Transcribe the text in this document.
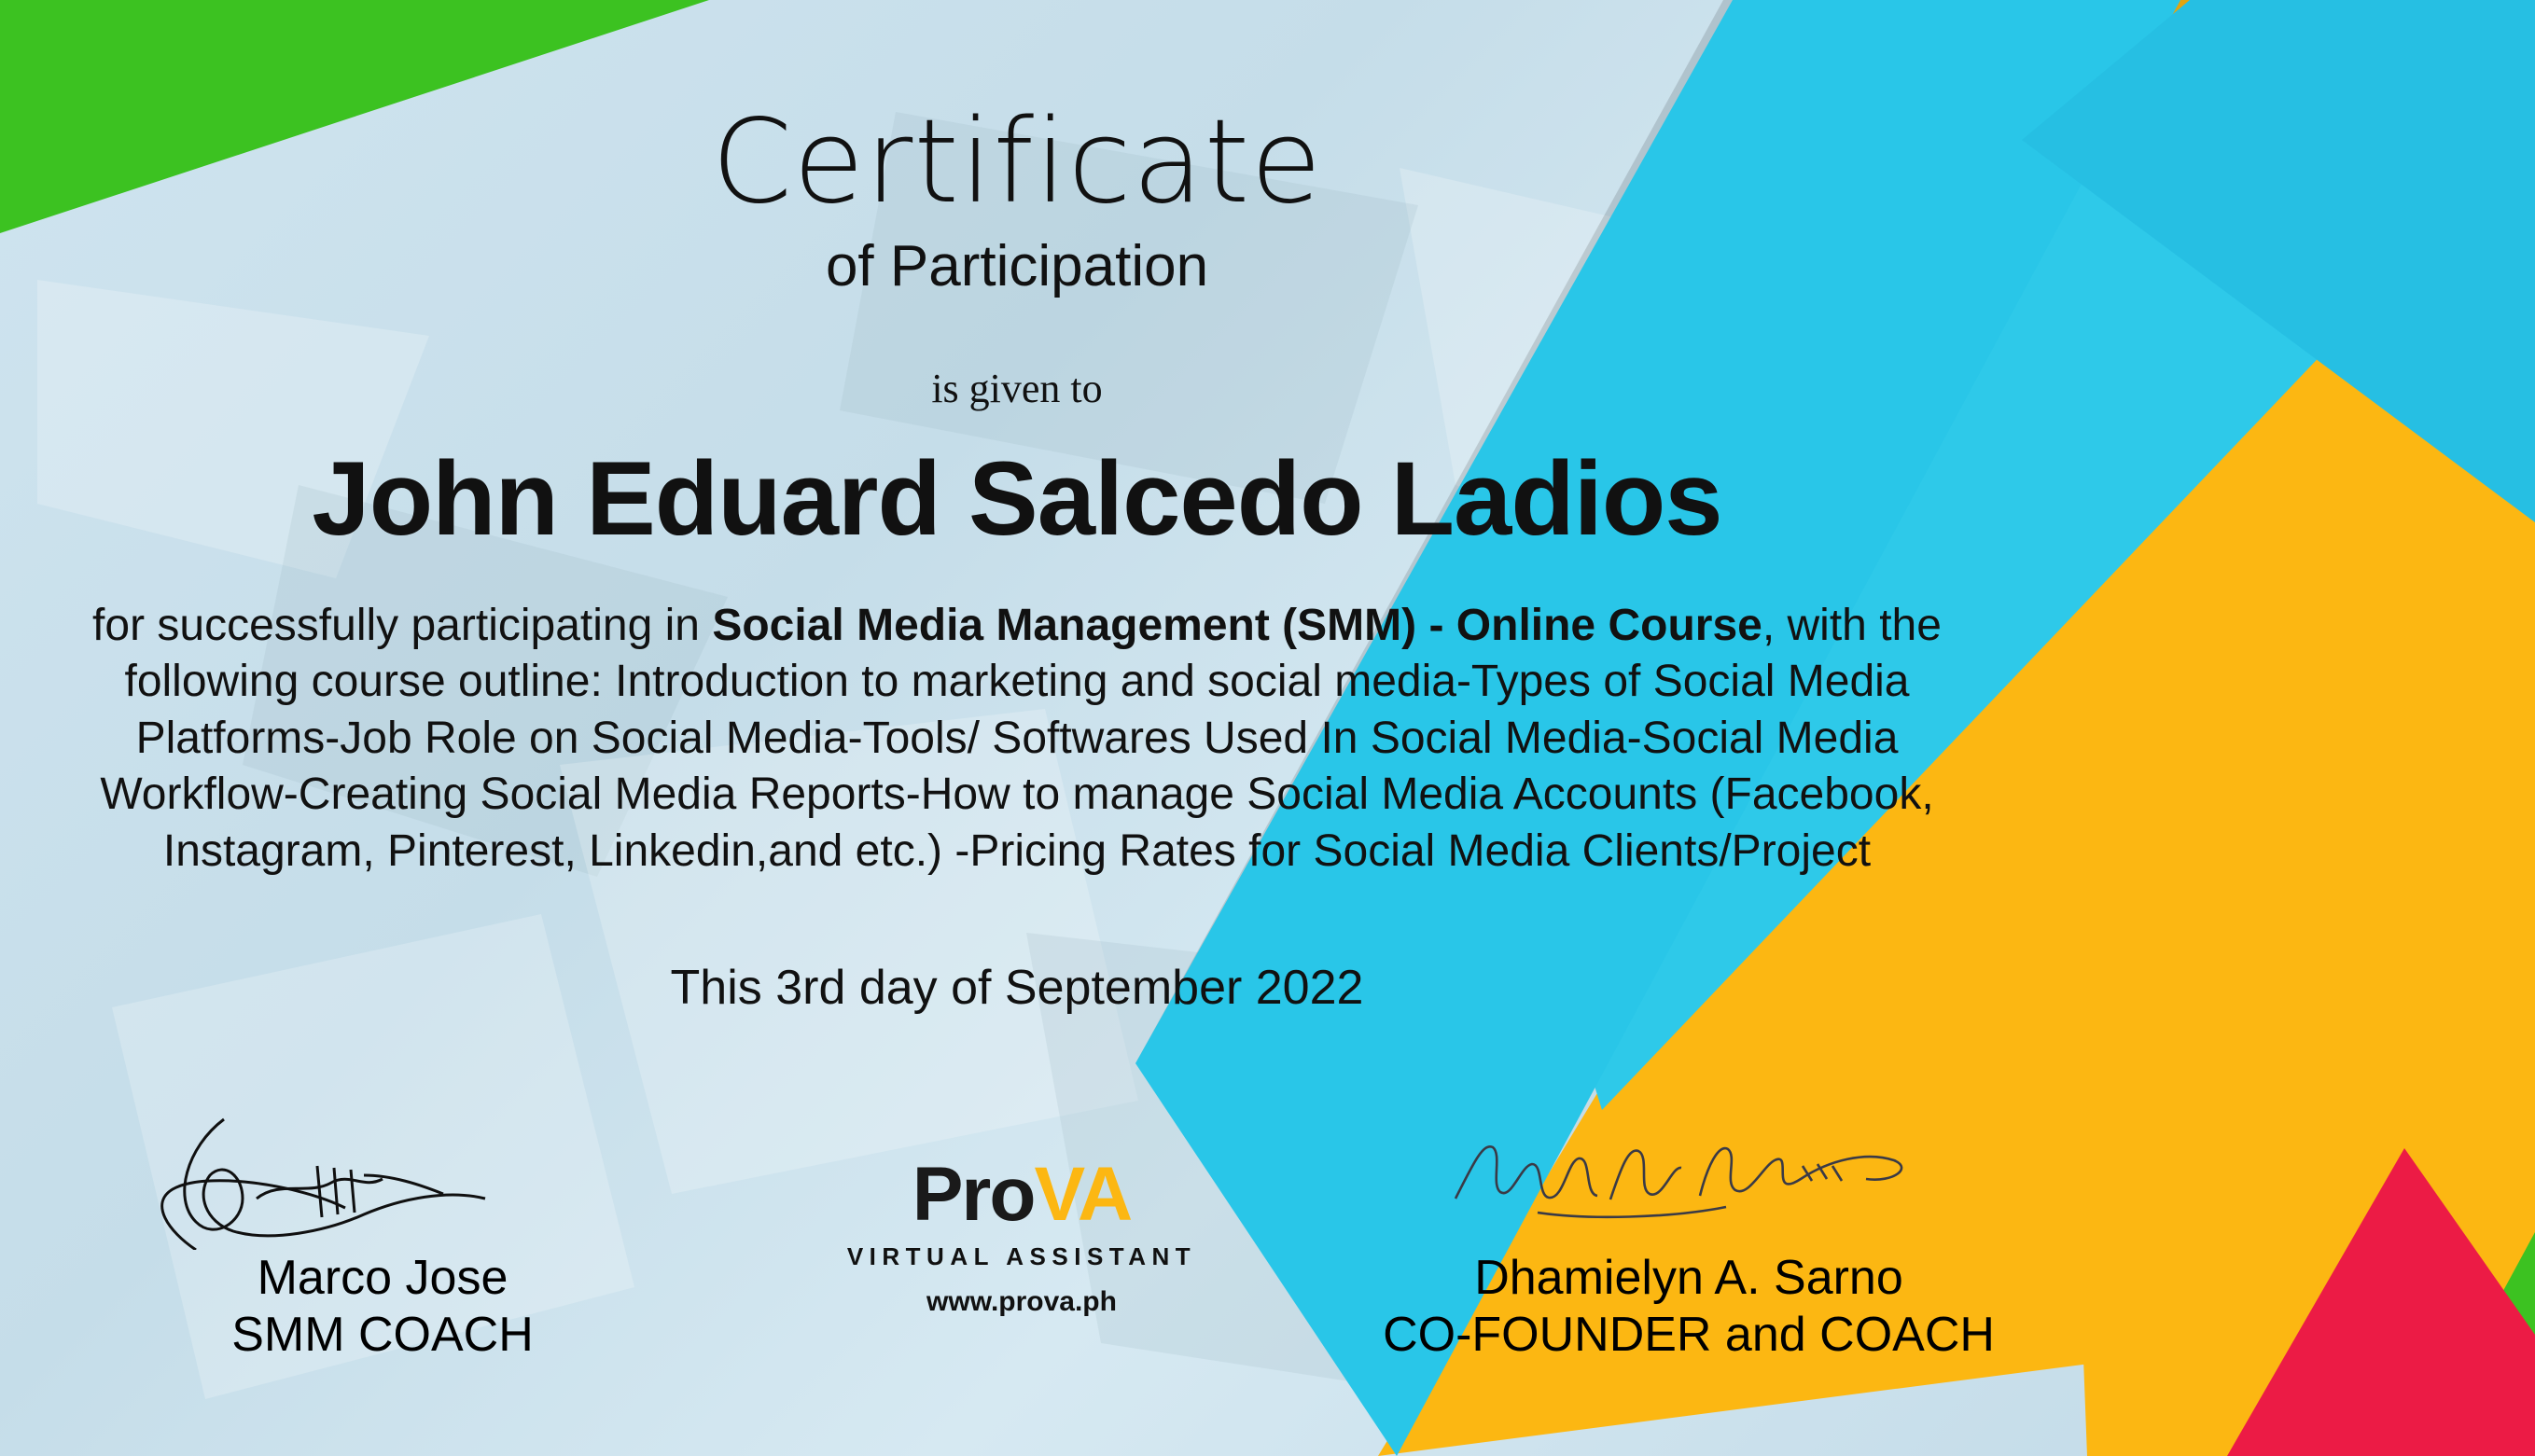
Certificate
of Participation
is given to
John Eduard Salcedo Ladios
for successfully participating in Social Media Management (SMM) - Online Course, with the following course outline: Introduction to marketing and social media-Types of Social Media Platforms-Job Role on Social Media-Tools/ Softwares Used In Social Media-Social Media Workflow-Creating Social Media Reports-How to manage Social Media Accounts (Facebook, Instagram, Pinterest, Linkedin,and etc.) -Pricing Rates for Social Media Clients/Project
This 3rd day of September 2022
Marco Jose
SMM COACH
Dhamielyn A. Sarno
CO-FOUNDER and COACH
ProVA
VIRTUAL ASSISTANT
www.prova.ph
